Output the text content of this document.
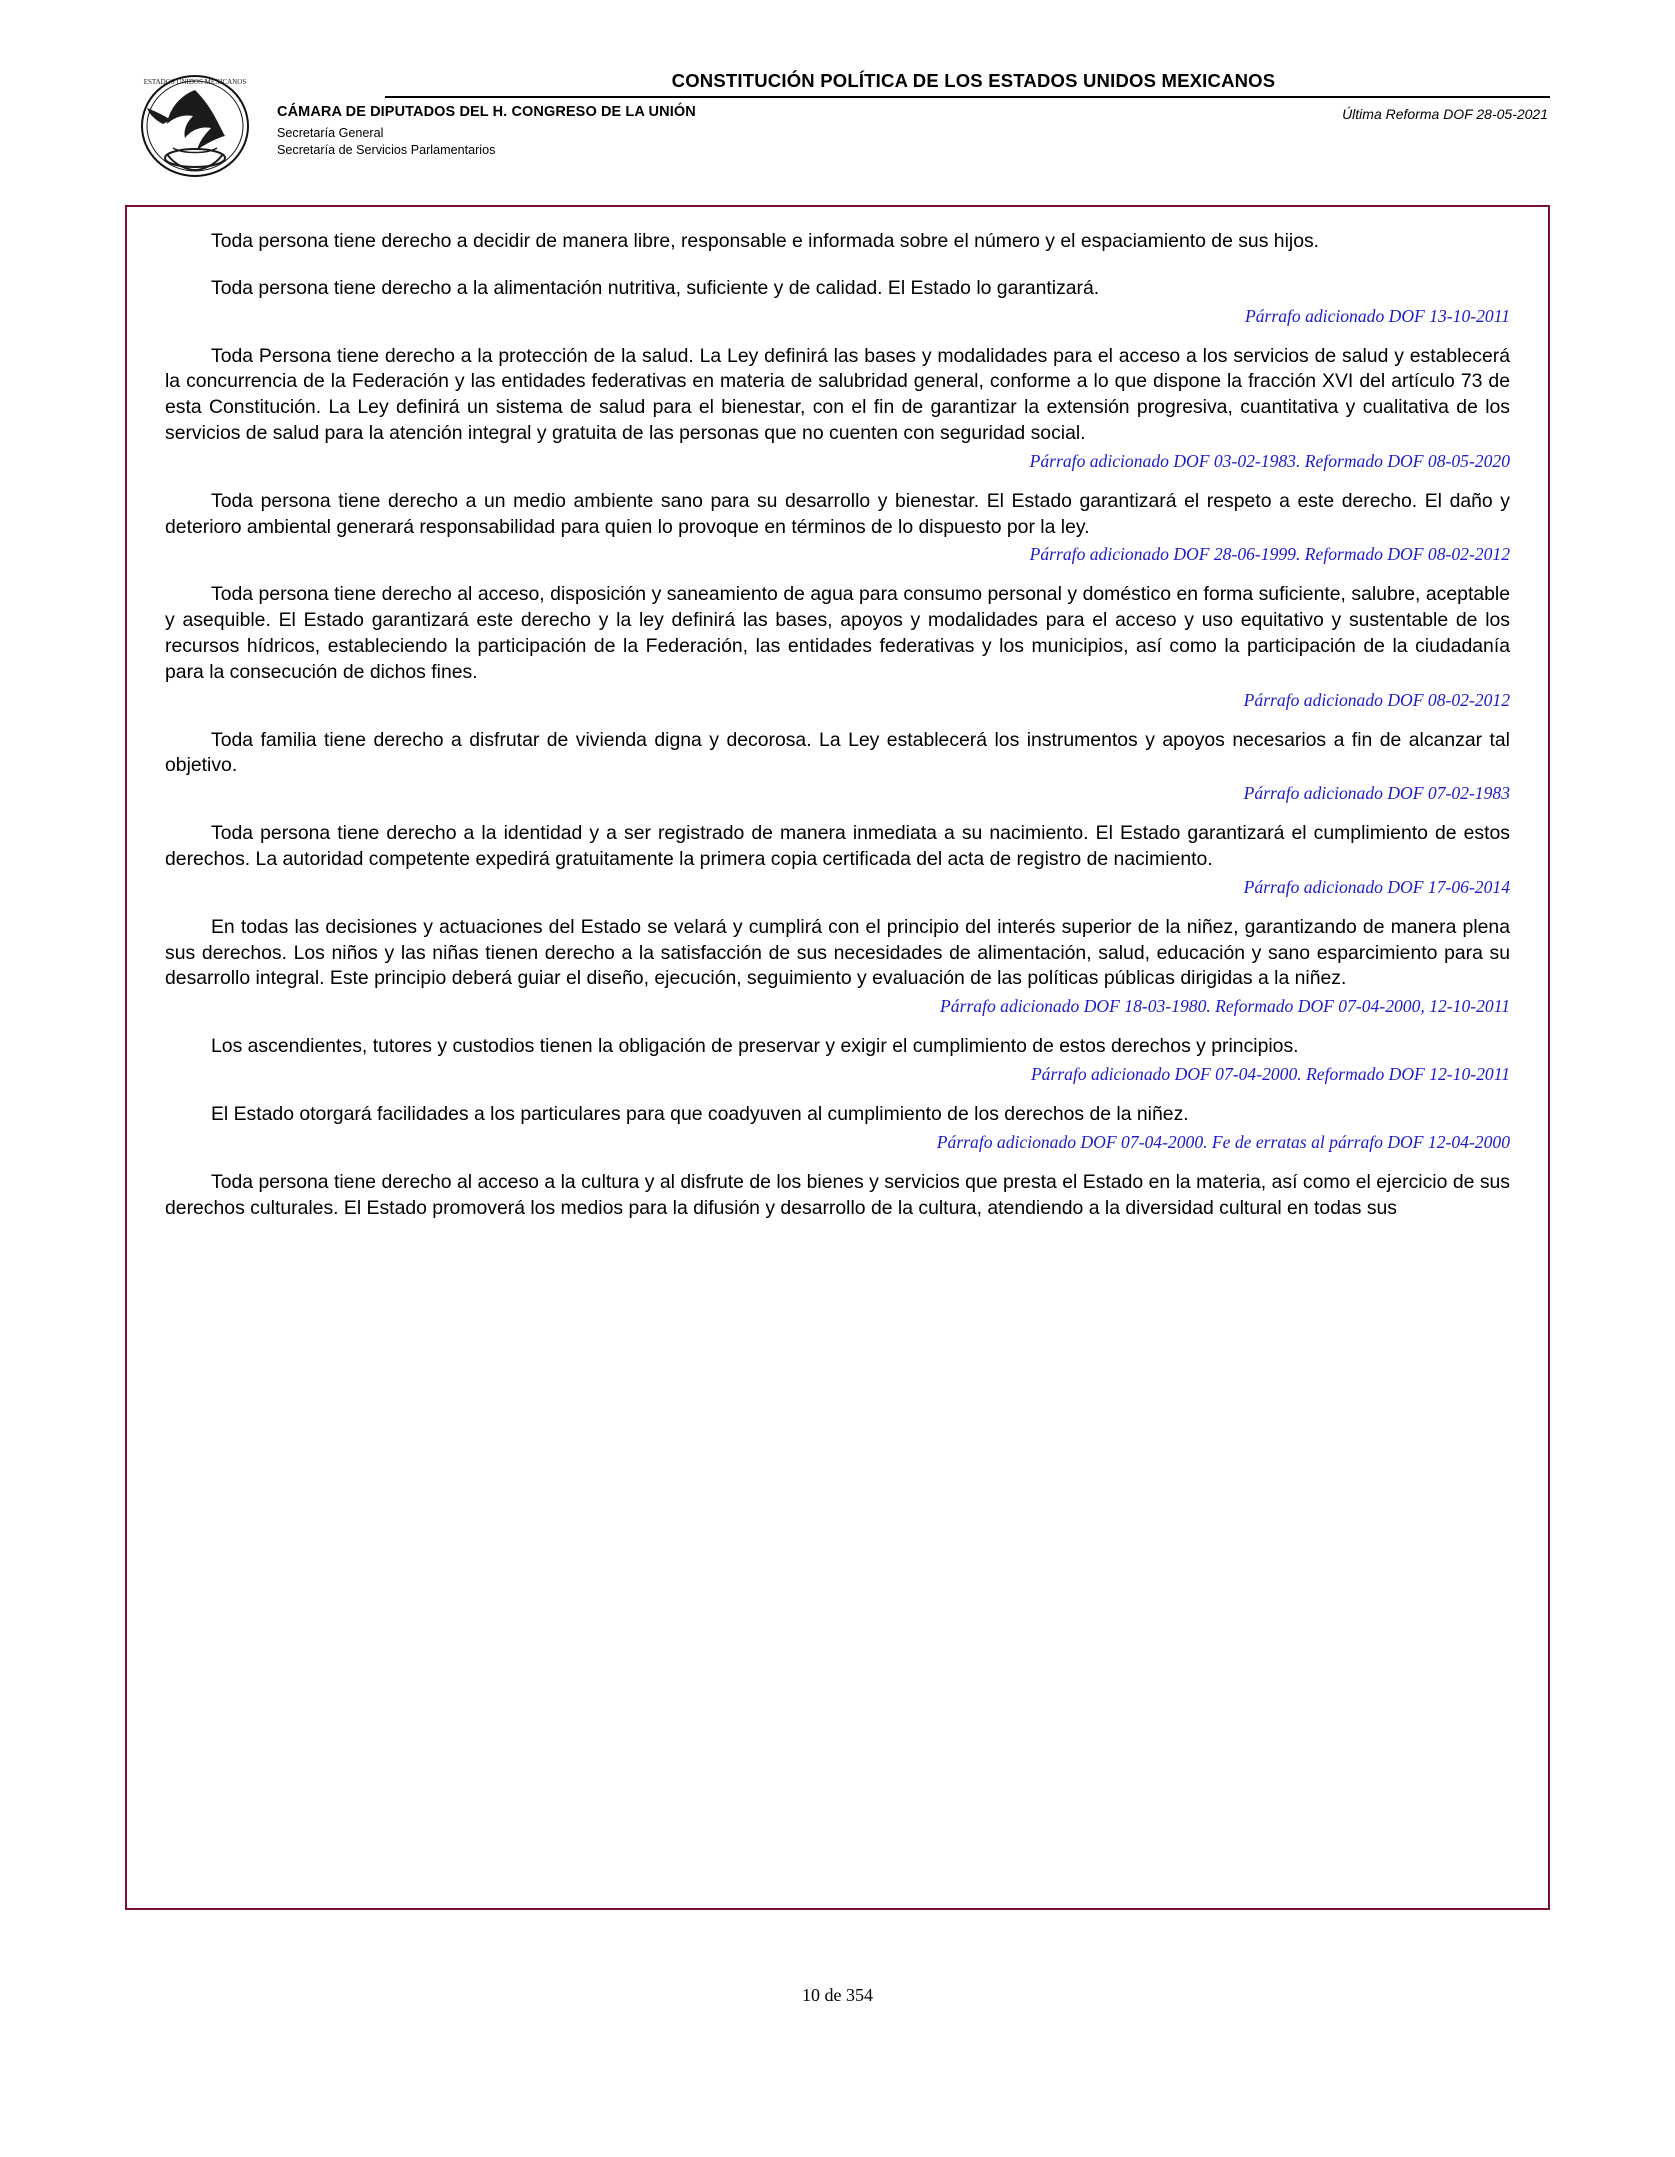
ESTADOS UNIDOS MEXICANOS	CONSTITUCIÓN POLÍTICA DE LOS ESTADOS UNIDOS MEXICANOS
CÁMARA DE DIPUTADOS DEL H. CONGRESO DE LA UNIÓN
Secretaría General
Secretaría de Servicios Parlamentarios
Última Reforma DOF 28-05-2021

Toda persona tiene derecho a decidir de manera libre, responsable e informada sobre el número y el espaciamiento de sus hijos.

Toda persona tiene derecho a la alimentación nutritiva, suficiente y de calidad. El Estado lo garantizará.

Párrafo adicionado DOF 13-10-2011

Toda Persona tiene derecho a la protección de la salud. La Ley definirá las bases y modalidades para el acceso a los servicios de salud y establecerá la concurrencia de la Federación y las entidades federativas en materia de salubridad general, conforme a lo que dispone la fracción XVI del artículo 73 de esta Constitución. La Ley definirá un sistema de salud para el bienestar, con el fin de garantizar la extensión progresiva, cuantitativa y cualitativa de los servicios de salud para la atención integral y gratuita de las personas que no cuenten con seguridad social.

Párrafo adicionado DOF 03-02-1983. Reformado DOF 08-05-2020

Toda persona tiene derecho a un medio ambiente sano para su desarrollo y bienestar. El Estado garantizará el respeto a este derecho. El daño y deterioro ambiental generará responsabilidad para quien lo provoque en términos de lo dispuesto por la ley.

Párrafo adicionado DOF 28-06-1999. Reformado DOF 08-02-2012

Toda persona tiene derecho al acceso, disposición y saneamiento de agua para consumo personal y doméstico en forma suficiente, salubre, aceptable y asequible. El Estado garantizará este derecho y la ley definirá las bases, apoyos y modalidades para el acceso y uso equitativo y sustentable de los recursos hídricos, estableciendo la participación de la Federación, las entidades federativas y los municipios, así como la participación de la ciudadanía para la consecución de dichos fines.

Párrafo adicionado DOF 08-02-2012

Toda familia tiene derecho a disfrutar de vivienda digna y decorosa. La Ley establecerá los instrumentos y apoyos necesarios a fin de alcanzar tal objetivo.

Párrafo adicionado DOF 07-02-1983

Toda persona tiene derecho a la identidad y a ser registrado de manera inmediata a su nacimiento. El Estado garantizará el cumplimiento de estos derechos. La autoridad competente expedirá gratuitamente la primera copia certificada del acta de registro de nacimiento.

Párrafo adicionado DOF 17-06-2014

En todas las decisiones y actuaciones del Estado se velará y cumplirá con el principio del interés superior de la niñez, garantizando de manera plena sus derechos. Los niños y las niñas tienen derecho a la satisfacción de sus necesidades de alimentación, salud, educación y sano esparcimiento para su desarrollo integral. Este principio deberá guiar el diseño, ejecución, seguimiento y evaluación de las políticas públicas dirigidas a la niñez.

Párrafo adicionado DOF 18-03-1980. Reformado DOF 07-04-2000, 12-10-2011

Los ascendientes, tutores y custodios tienen la obligación de preservar y exigir el cumplimiento de estos derechos y principios.

Párrafo adicionado DOF 07-04-2000. Reformado DOF 12-10-2011

El Estado otorgará facilidades a los particulares para que coadyuven al cumplimiento de los derechos de la niñez.

Párrafo adicionado DOF 07-04-2000. Fe de erratas al párrafo DOF 12-04-2000

Toda persona tiene derecho al acceso a la cultura y al disfrute de los bienes y servicios que presta el Estado en la materia, así como el ejercicio de sus derechos culturales. El Estado promoverá los medios para la difusión y desarrollo de la cultura, atendiendo a la diversidad cultural en todas sus

10 de 354
